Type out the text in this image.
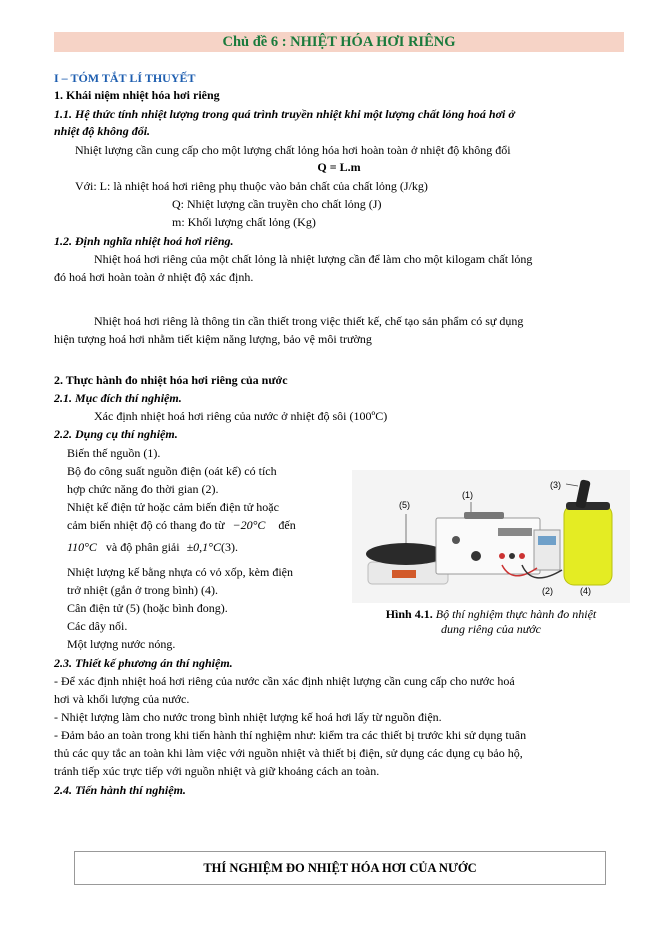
Chủ đề 6 : NHIỆT HÓA HƠI RIÊNG
I – TÓM TẮT LÍ THUYẾT
1. Khái niệm nhiệt hóa hơi riêng
1.1. Hệ thức tính nhiệt lượng trong quá trình truyền nhiệt khi một lượng chất lỏng hoá hơi ở
nhiệt độ không đổi.
Nhiệt lượng cần cung cấp cho một lượng chất lỏng hóa hơi hoàn toàn ở nhiệt độ không đổi
Q = L.m
Với: L: là nhiệt hoá hơi riêng phụ thuộc vào bản chất của chất lỏng (J/kg)
Q: Nhiệt lượng cần truyền cho chất lỏng (J)
m: Khối lượng chất lỏng (Kg)
1.2. Định nghĩa nhiệt hoá hơi riêng.
Nhiệt hoá hơi riêng của một chất lỏng là nhiệt lượng cần để làm cho một kilogam chất lỏng
đó hoá hơi hoàn toàn ở nhiệt độ xác định.
Nhiệt hoá hơi riêng là thông tin cần thiết trong việc thiết kế, chế tạo sản phẩm có sự dụng
hiện tượng hoá hơi nhằm tiết kiệm năng lượng, bảo vệ môi trường
2. Thực hành đo nhiệt hóa hơi riêng của nước
2.1. Mục đích thí nghiệm.
Xác định nhiệt hoá hơi riêng của nước ở nhiệt độ sôi (100ºC)
2.2. Dụng cụ thí nghiệm.
Biến thế nguồn (1).
Bộ đo công suất nguồn điện (oát kế) có tích
hợp chức năng đo thời gian (2).
Nhiệt kế điện tử hoặc cảm biến điện tử hoặc
cảm biến nhiệt độ có thang đo từ −20°C đến
110°C và độ phân giải ±0,1°C(3).
Nhiệt lượng kế bằng nhựa có vỏ xốp, kèm điện
trở nhiệt (gắn ở trong bình) (4).
Cân điện tử (5) (hoặc bình đong).
Các dây nối.
Một lượng nước nóng.
(5)
(1)
(3)
(2)	(4)
Hình 4.1. Bộ thí nghiệm thực hành đo nhiệt
dung riêng của nước
2.3. Thiết kế phương án thí nghiệm.
- Để xác định nhiệt hoá hơi riêng của nước cần xác định nhiệt lượng cần cung cấp cho nước hoá
hơi và khối lượng của nước.
- Nhiệt lượng làm cho nước trong bình nhiệt lượng kế hoá hơi lấy từ nguồn điện.
- Đảm bảo an toàn trong khi tiến hành thí nghiệm như: kiểm tra các thiết bị trước khi sử dụng tuân
thủ các quy tắc an toàn khi làm việc với nguồn nhiệt và thiết bị điện, sử dụng các dụng cụ bảo hộ,
tránh tiếp xúc trực tiếp với nguồn nhiệt và giữ khoảng cách an toàn.
2.4. Tiến hành thí nghiệm.
THÍ NGHIỆM ĐO NHIỆT HÓA HƠI CỦA NƯỚC
